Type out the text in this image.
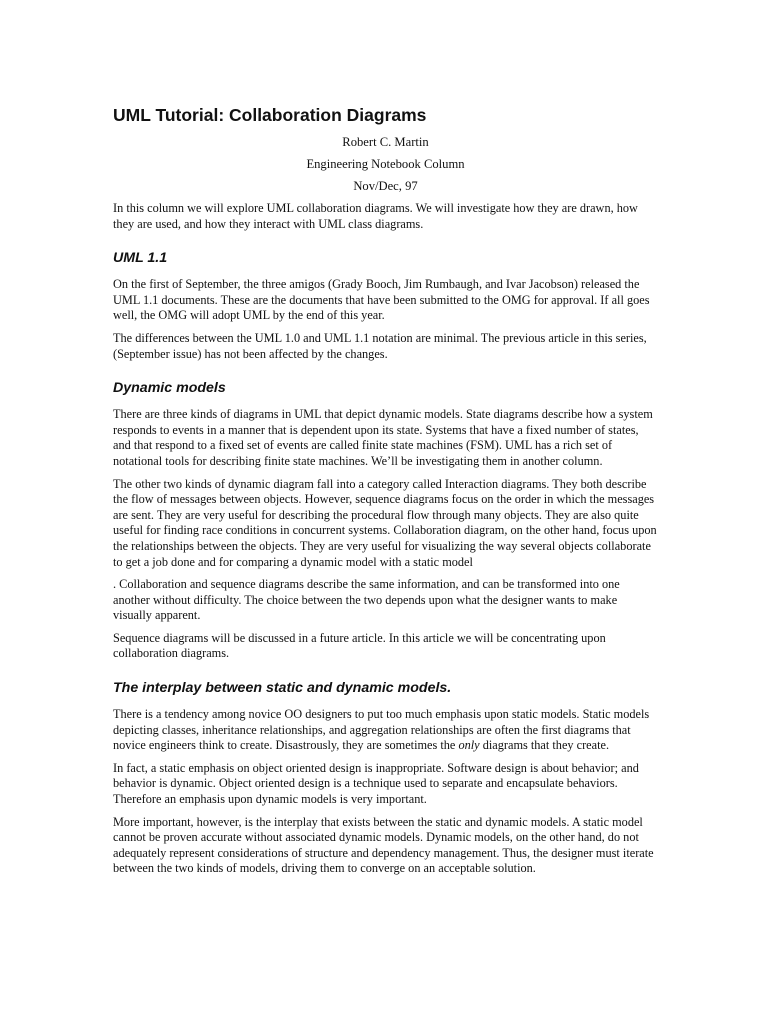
UML Tutorial: Collaboration Diagrams
Robert C. Martin
Engineering Notebook Column
Nov/Dec, 97

In this column we will explore UML collaboration diagrams. We will investigate how they are drawn, how they are used, and how they interact with UML class diagrams.

UML 1.1

On the first of September, the three amigos (Grady Booch, Jim Rumbaugh, and Ivar Jacobson) released the UML 1.1 documents. These are the documents that have been submitted to the OMG for approval. If all goes well, the OMG will adopt UML by the end of this year.

The differences between the UML 1.0 and UML 1.1 notation are minimal. The previous article in this series, (September issue) has not been affected by the changes.

Dynamic models

There are three kinds of diagrams in UML that depict dynamic models. State diagrams describe how a system responds to events in a manner that is dependent upon its state. Systems that have a fixed number of states, and that respond to a fixed set of events are called finite state machines (FSM). UML has a rich set of notational tools for describing finite state machines. We’ll be investigating them in another column.

The other two kinds of dynamic diagram fall into a category called Interaction diagrams. They both describe the flow of messages between objects. However, sequence diagrams focus on the order in which the messages are sent. They are very useful for describing the procedural flow through many objects. They are also quite useful for finding race conditions in concurrent systems. Collaboration diagram, on the other hand, focus upon the relationships between the objects. They are very useful for visualizing the way several objects collaborate to get a job done and for comparing a dynamic model with a static model

. Collaboration and sequence diagrams describe the same information, and can be transformed into one another without difficulty. The choice between the two depends upon what the designer wants to make visually apparent.

Sequence diagrams will be discussed in a future article. In this article we will be concentrating upon collaboration diagrams.

The interplay between static and dynamic models.

There is a tendency among novice OO designers to put too much emphasis upon static models. Static models depicting classes, inheritance relationships, and aggregation relationships are often the first diagrams that novice engineers think to create. Disastrously, they are sometimes the only diagrams that they create.

In fact, a static emphasis on object oriented design is inappropriate. Software design is about behavior; and behavior is dynamic. Object oriented design is a technique used to separate and encapsulate behaviors. Therefore an emphasis upon dynamic models is very important.

More important, however, is the interplay that exists between the static and dynamic models. A static model cannot be proven accurate without associated dynamic models. Dynamic models, on the other hand, do not adequately represent considerations of structure and dependency management. Thus, the designer must iterate between the two kinds of models, driving them to converge on an acceptable solution.
